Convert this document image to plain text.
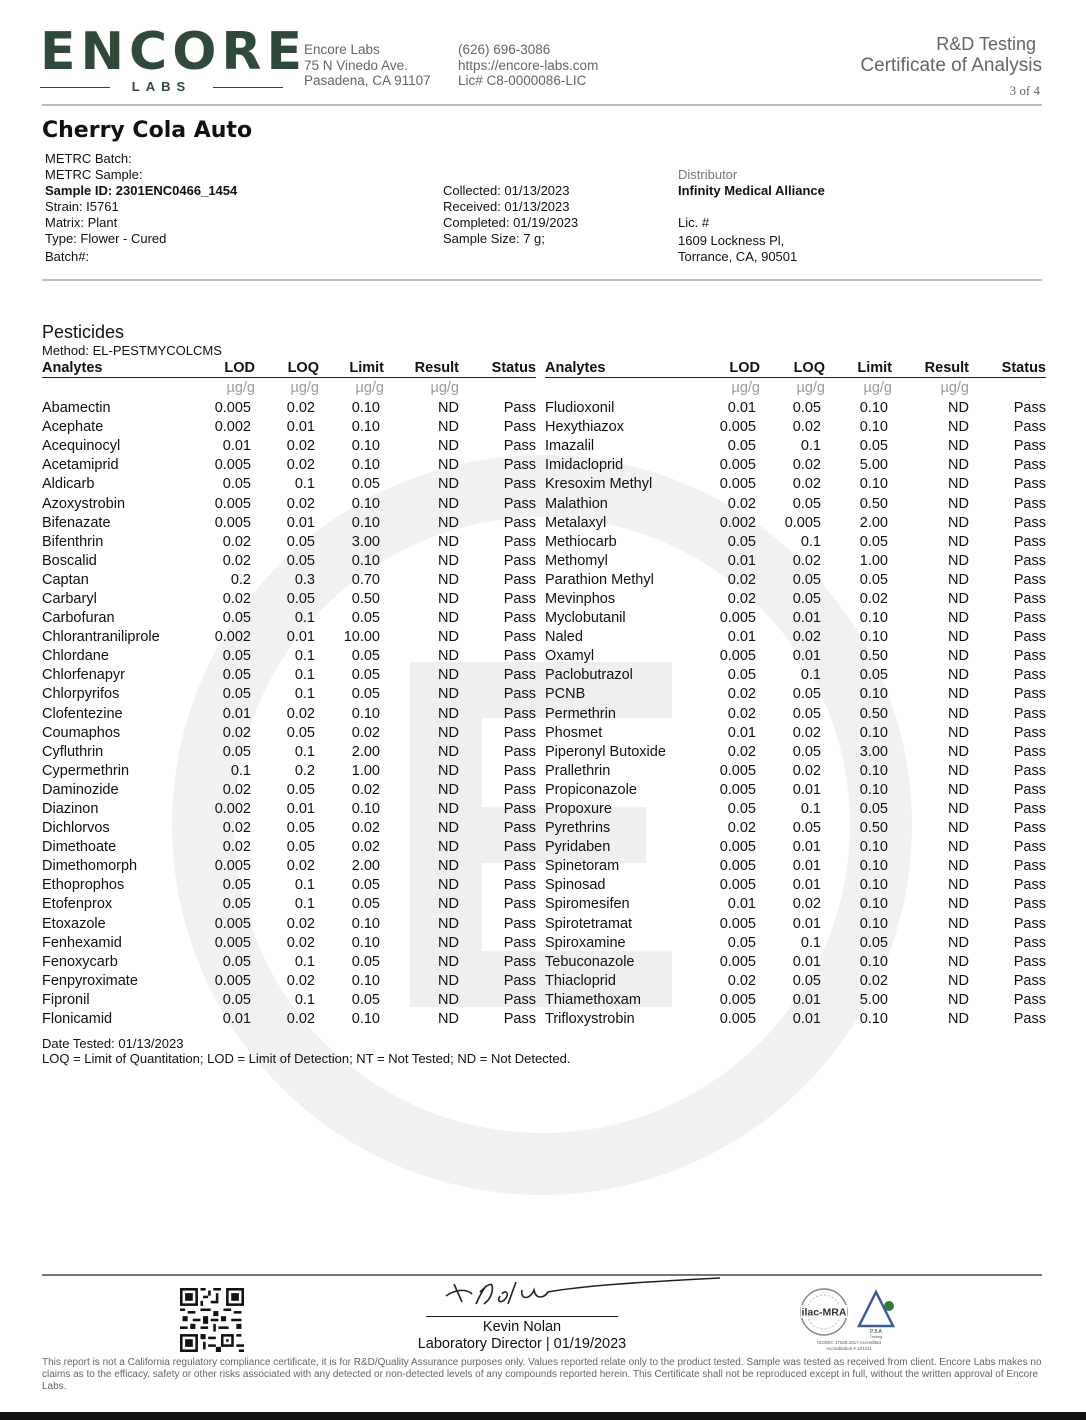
ENCORE
LABS
Encore Labs
75 N Vinedo Ave.
Pasadena, CA 91107
(626) 696-3086
https://encore-labs.com
Lic# C8-0000086-LIC
R&D Testing
Certificate of Analysis
3 of 4
Cherry Cola Auto
METRC Batch:
METRC Sample:
Sample ID: 2301ENC0466_1454
Strain: I5761
Matrix: Plant
Type: Flower - Cured
Batch#:
Collected: 01/13/2023
Received: 01/13/2023
Completed: 01/19/2023
Sample Size: 7 g;
Distributor
Infinity Medical Alliance
Lic. #
1609 Lockness Pl,
Torrance, CA, 90501
Pesticides
Method: EL-PESTMYCOLCMS
Analytes	LOD	LOQ	Limit	Result	Status
	µg/g	µg/g	µg/g	µg/g	
Abamectin	0.005	0.02	0.10	ND	Pass
Acephate	0.002	0.01	0.10	ND	Pass
Acequinocyl	0.01	0.02	0.10	ND	Pass
Acetamiprid	0.005	0.02	0.10	ND	Pass
Aldicarb	0.05	0.1	0.05	ND	Pass
Azoxystrobin	0.005	0.02	0.10	ND	Pass
Bifenazate	0.005	0.01	0.10	ND	Pass
Bifenthrin	0.02	0.05	3.00	ND	Pass
Boscalid	0.02	0.05	0.10	ND	Pass
Captan	0.2	0.3	0.70	ND	Pass
Carbaryl	0.02	0.05	0.50	ND	Pass
Carbofuran	0.05	0.1	0.05	ND	Pass
Chlorantraniliprole	0.002	0.01	10.00	ND	Pass
Chlordane	0.05	0.1	0.05	ND	Pass
Chlorfenapyr	0.05	0.1	0.05	ND	Pass
Chlorpyrifos	0.05	0.1	0.05	ND	Pass
Clofentezine	0.01	0.02	0.10	ND	Pass
Coumaphos	0.02	0.05	0.02	ND	Pass
Cyfluthrin	0.05	0.1	2.00	ND	Pass
Cypermethrin	0.1	0.2	1.00	ND	Pass
Daminozide	0.02	0.05	0.02	ND	Pass
Diazinon	0.002	0.01	0.10	ND	Pass
Dichlorvos	0.02	0.05	0.02	ND	Pass
Dimethoate	0.02	0.05	0.02	ND	Pass
Dimethomorph	0.005	0.02	2.00	ND	Pass
Ethoprophos	0.05	0.1	0.05	ND	Pass
Etofenprox	0.05	0.1	0.05	ND	Pass
Etoxazole	0.005	0.02	0.10	ND	Pass
Fenhexamid	0.005	0.02	0.10	ND	Pass
Fenoxycarb	0.05	0.1	0.05	ND	Pass
Fenpyroximate	0.005	0.02	0.10	ND	Pass
Fipronil	0.05	0.1	0.05	ND	Pass
Flonicamid	0.01	0.02	0.10	ND	Pass
Analytes	LOD	LOQ	Limit	Result	Status
	µg/g	µg/g	µg/g	µg/g	
Fludioxonil	0.01	0.05	0.10	ND	Pass
Hexythiazox	0.005	0.02	0.10	ND	Pass
Imazalil	0.05	0.1	0.05	ND	Pass
Imidacloprid	0.005	0.02	5.00	ND	Pass
Kresoxim Methyl	0.005	0.02	0.10	ND	Pass
Malathion	0.02	0.05	0.50	ND	Pass
Metalaxyl	0.002	0.005	2.00	ND	Pass
Methiocarb	0.05	0.1	0.05	ND	Pass
Methomyl	0.01	0.02	1.00	ND	Pass
Parathion Methyl	0.02	0.05	0.05	ND	Pass
Mevinphos	0.02	0.05	0.02	ND	Pass
Myclobutanil	0.005	0.01	0.10	ND	Pass
Naled	0.01	0.02	0.10	ND	Pass
Oxamyl	0.005	0.01	0.50	ND	Pass
Paclobutrazol	0.05	0.1	0.05	ND	Pass
PCNB	0.02	0.05	0.10	ND	Pass
Permethrin	0.02	0.05	0.50	ND	Pass
Phosmet	0.01	0.02	0.10	ND	Pass
Piperonyl Butoxide	0.02	0.05	3.00	ND	Pass
Prallethrin	0.005	0.02	0.10	ND	Pass
Propiconazole	0.005	0.01	0.10	ND	Pass
Propoxure	0.05	0.1	0.05	ND	Pass
Pyrethrins	0.02	0.05	0.50	ND	Pass
Pyridaben	0.005	0.01	0.10	ND	Pass
Spinetoram	0.005	0.01	0.10	ND	Pass
Spinosad	0.005	0.01	0.10	ND	Pass
Spiromesifen	0.01	0.02	0.10	ND	Pass
Spirotetramat	0.005	0.01	0.10	ND	Pass
Spiroxamine	0.05	0.1	0.05	ND	Pass
Tebuconazole	0.005	0.01	0.10	ND	Pass
Thiacloprid	0.02	0.05	0.02	ND	Pass
Thiamethoxam	0.005	0.01	5.00	ND	Pass
Trifloxystrobin	0.005	0.01	0.10	ND	Pass
Date Tested: 01/13/2023
LOQ = Limit of Quantitation; LOD = Limit of Detection; NT = Not Tested; ND = Not Detected.
Kevin Nolan
Laboratory Director | 01/19/2023
ilac-MRA
PJLA
Testing
ISO/IEC 17025:2017 Accredited
Accreditation # 101411
This report is not a California regulatory compliance certificate, it is for R&D/Quality Assurance purposes only. Values reported relate only to the product tested. Sample was tested as received from client. Encore Labs makes no claims as to the efficacy, safety or other risks associated with any detected or non-detected levels of any compounds reported herein. This Certificate shall not be reproduced except in full, without the written approval of Encore Labs.
